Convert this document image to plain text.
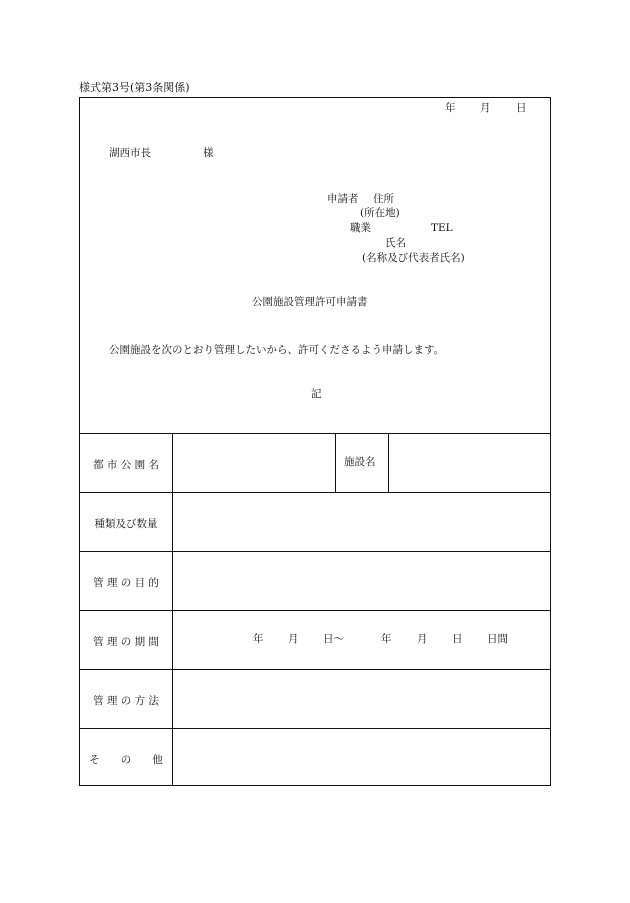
様式第3号(第3条関係)
年 月 日
湖西市長	様
申請者 住所
(所在地)
職業	TEL
氏名
(名称及び代表者氏名)
公園施設管理許可申請書
公園施設を次のとおり管理したいから、許可くださるよう申請します。
記
都 市 公 園 名	施設名
種類及び数量
管 理 の 目 的
管 理 の 期 間	年 月 日～	年 月 日 日間
管 理 の 方 法
そ　　の　　他
